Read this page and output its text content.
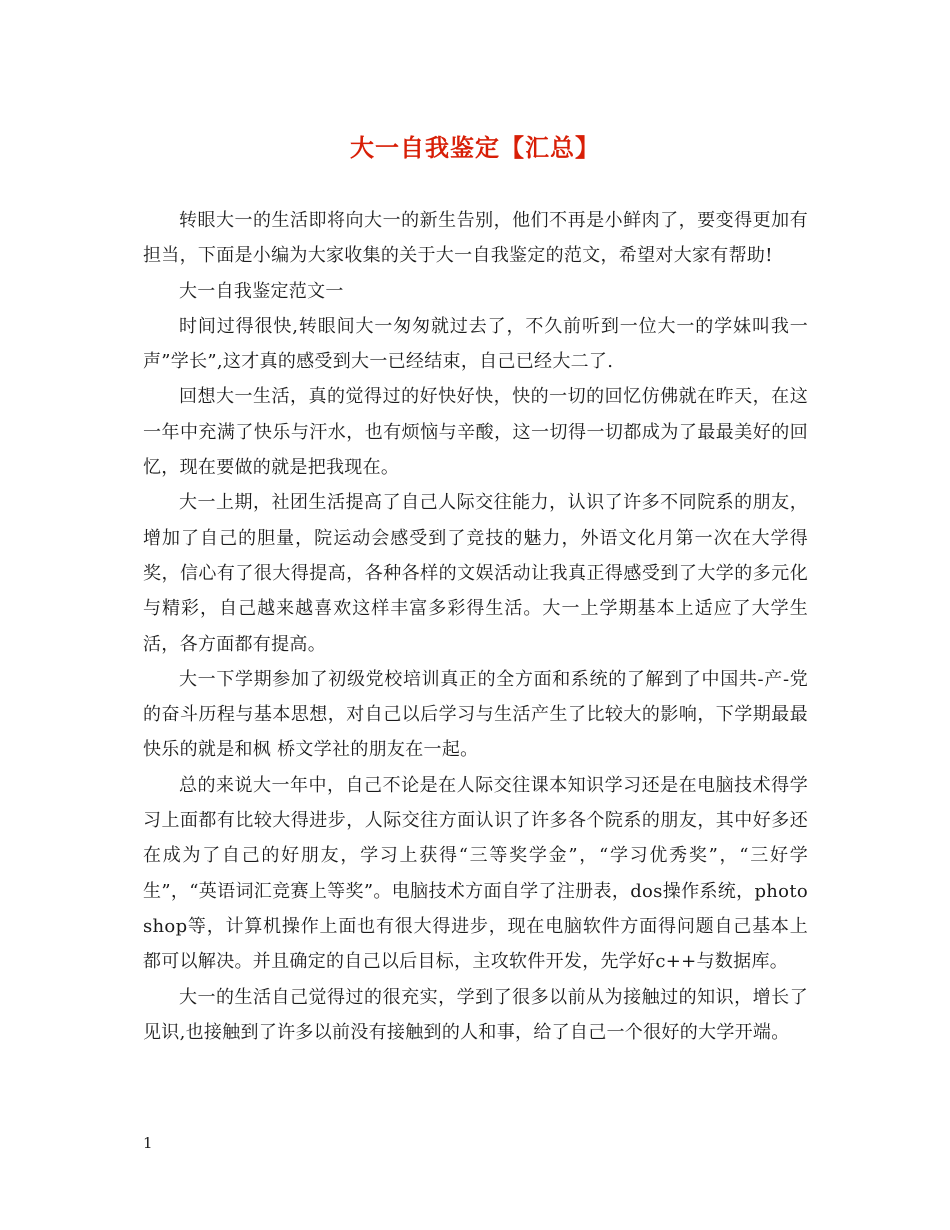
大一自我鉴定【汇总】

转眼大一的生活即将向大一的新生告别，他们不再是小鲜肉了，要变得更加有担当，下面是小编为大家收集的关于大一自我鉴定的范文，希望对大家有帮助!

大一自我鉴定范文一

时间过得很快,转眼间大一匆匆就过去了，不久前听到一位大一的学妹叫我一声”学长”,这才真的感受到大一已经结束，自己已经大二了.

回想大一生活，真的觉得过的好快好快，快的一切的回忆仿佛就在昨天，在这一年中充满了快乐与汗水，也有烦恼与辛酸，这一切得一切都成为了最最美好的回忆，现在要做的就是把我现在。

大一上期，社团生活提高了自己人际交往能力，认识了许多不同院系的朋友，增加了自己的胆量，院运动会感受到了竞技的魅力，外语文化月第一次在大学得奖，信心有了很大得提高，各种各样的文娱活动让我真正得感受到了大学的多元化与精彩，自己越来越喜欢这样丰富多彩得生活。大一上学期基本上适应了大学生活，各方面都有提高。

大一下学期参加了初级党校培训真正的全方面和系统的了解到了中国共-产-党的奋斗历程与基本思想，对自己以后学习与生活产生了比较大的影响，下学期最最快乐的就是和枫 桥文学社的朋友在一起。

总的来说大一年中，自己不论是在人际交往课本知识学习还是在电脑技术得学习上面都有比较大得进步，人际交往方面认识了许多各个院系的朋友，其中好多还在成为了自己的好朋友，学习上获得“三等奖学金”，“学习优秀奖”，“三好学生”，“英语词汇竞赛上等奖”。电脑技术方面自学了注册表，dos操作系统，photoshop等，计算机操作上面也有很大得进步，现在电脑软件方面得问题自己基本上都可以解决。并且确定的自己以后目标，主攻软件开发，先学好c++与数据库。

大一的生活自己觉得过的很充实，学到了很多以前从为接触过的知识，增长了见识,也接触到了许多以前没有接触到的人和事，给了自己一个很好的大学开端。

1
